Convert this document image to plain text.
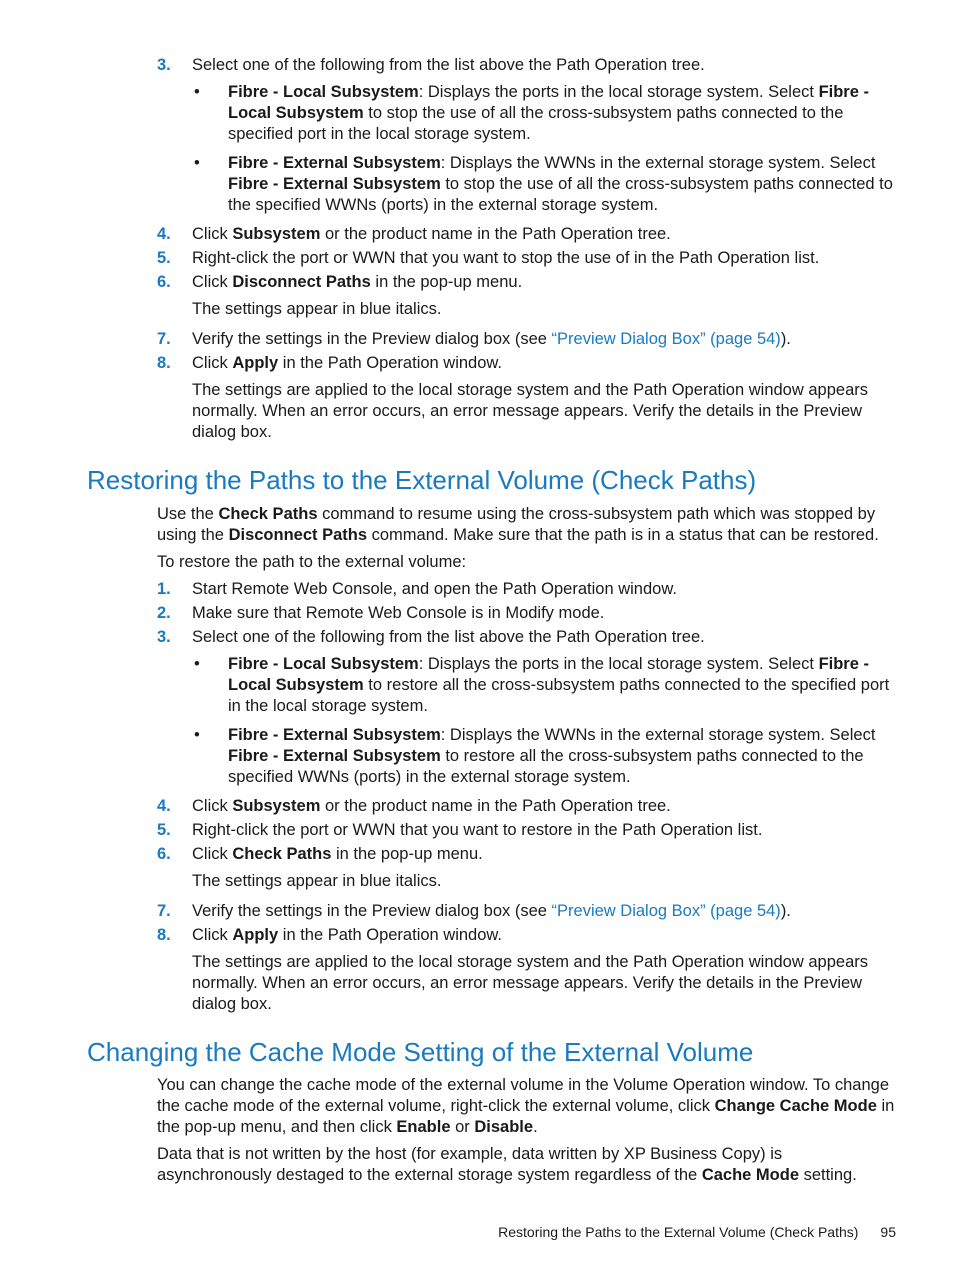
3. Select one of the following from the list above the Path Operation tree.
• Fibre - Local Subsystem: Displays the ports in the local storage system. Select Fibre - Local Subsystem to stop the use of all the cross-subsystem paths connected to the specified port in the local storage system.
• Fibre - External Subsystem: Displays the WWNs in the external storage system. Select Fibre - External Subsystem to stop the use of all the cross-subsystem paths connected to the specified WWNs (ports) in the external storage system.
4. Click Subsystem or the product name in the Path Operation tree.
5. Right-click the port or WWN that you want to stop the use of in the Path Operation list.
6. Click Disconnect Paths in the pop-up menu.
The settings appear in blue italics.
7. Verify the settings in the Preview dialog box (see “Preview Dialog Box” (page 54)).
8. Click Apply in the Path Operation window.
The settings are applied to the local storage system and the Path Operation window appears normally. When an error occurs, an error message appears. Verify the details in the Preview dialog box.
Restoring the Paths to the External Volume (Check Paths)
Use the Check Paths command to resume using the cross-subsystem path which was stopped by using the Disconnect Paths command. Make sure that the path is in a status that can be restored.
To restore the path to the external volume:
1. Start Remote Web Console, and open the Path Operation window.
2. Make sure that Remote Web Console is in Modify mode.
3. Select one of the following from the list above the Path Operation tree.
• Fibre - Local Subsystem: Displays the ports in the local storage system. Select Fibre - Local Subsystem to restore all the cross-subsystem paths connected to the specified port in the local storage system.
• Fibre - External Subsystem: Displays the WWNs in the external storage system. Select Fibre - External Subsystem to restore all the cross-subsystem paths connected to the specified WWNs (ports) in the external storage system.
4. Click Subsystem or the product name in the Path Operation tree.
5. Right-click the port or WWN that you want to restore in the Path Operation list.
6. Click Check Paths in the pop-up menu.
The settings appear in blue italics.
7. Verify the settings in the Preview dialog box (see “Preview Dialog Box” (page 54)).
8. Click Apply in the Path Operation window.
The settings are applied to the local storage system and the Path Operation window appears normally. When an error occurs, an error message appears. Verify the details in the Preview dialog box.
Changing the Cache Mode Setting of the External Volume
You can change the cache mode of the external volume in the Volume Operation window. To change the cache mode of the external volume, right-click the external volume, click Change Cache Mode in the pop-up menu, and then click Enable or Disable.
Data that is not written by the host (for example, data written by XP Business Copy) is asynchronously destaged to the external storage system regardless of the Cache Mode setting.
Restoring the Paths to the External Volume (Check Paths) 95
